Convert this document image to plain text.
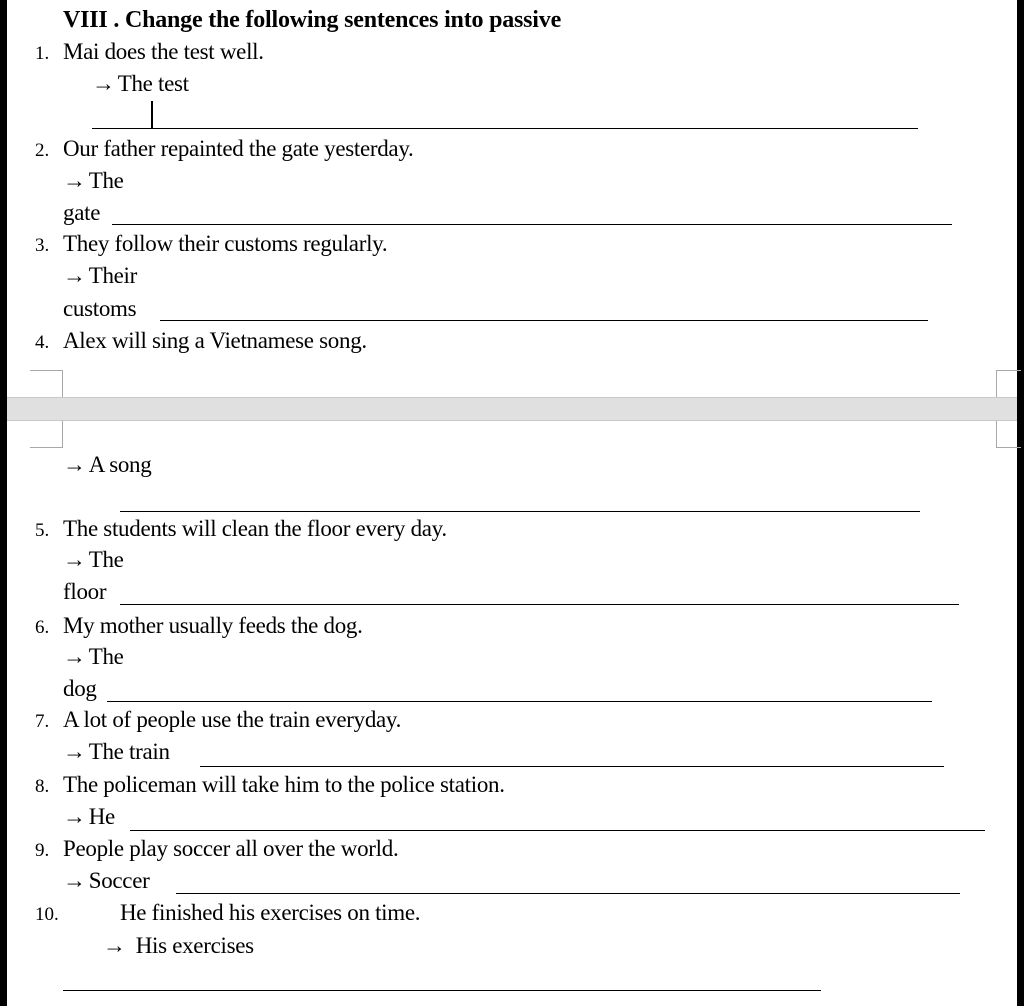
VIII . Change the following sentences into passive
1. Mai does the test well.
→ The test
2. Our father repainted the gate yesterday.
→ The
gate
3. They follow their customs regularly.
→ Their
customs
4. Alex will sing a Vietnamese song.
→ A song
5. The students will clean the floor every day.
→ The
floor
6. My mother usually feeds the dog.
→ The
dog
7. A lot of people use the train everyday.
→ The train
8. The policeman will take him to the police station.
→ He
9. People play soccer all over the world.
→ Soccer
10.	He finished his exercises on time.
→ His exercises
